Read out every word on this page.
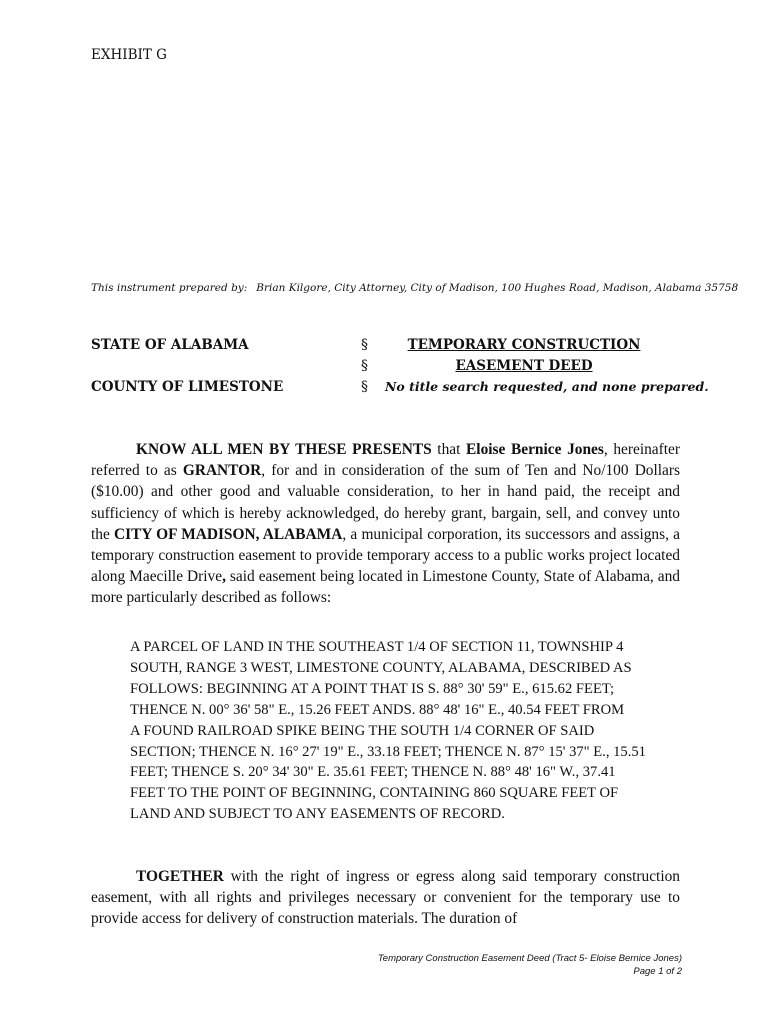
EXHIBIT G
This instrument prepared by: Brian Kilgore, City Attorney, City of Madison, 100 Hughes Road, Madison, Alabama 35758
STATE OF ALABAMA
COUNTY OF LIMESTONE
§
§
§
TEMPORARY CONSTRUCTION
EASEMENT DEED
No title search requested, and none prepared.
KNOW ALL MEN BY THESE PRESENTS that Eloise Bernice Jones, hereinafter referred to as GRANTOR, for and in consideration of the sum of Ten and No/100 Dollars ($10.00) and other good and valuable consideration, to her in hand paid, the receipt and sufficiency of which is hereby acknowledged, do hereby grant, bargain, sell, and convey unto the CITY OF MADISON, ALABAMA, a municipal corporation, its successors and assigns, a temporary construction easement to provide temporary access to a public works project located along Maecille Drive, said easement being located in Limestone County, State of Alabama, and more particularly described as follows:
A PARCEL OF LAND IN THE SOUTHEAST 1/4 OF SECTION 11, TOWNSHIP 4
SOUTH, RANGE 3 WEST, LIMESTONE COUNTY, ALABAMA, DESCRIBED AS
FOLLOWS: BEGINNING AT A POINT THAT IS S. 88° 30' 59" E., 615.62 FEET;
THENCE N. 00° 36' 58" E., 15.26 FEET ANDS. 88° 48' 16" E., 40.54 FEET FROM
A FOUND RAILROAD SPIKE BEING THE SOUTH 1/4 CORNER OF SAID
SECTION; THENCE N. 16° 27' 19" E., 33.18 FEET; THENCE N. 87° 15' 37" E., 15.51
FEET; THENCE S. 20° 34' 30" E. 35.61 FEET; THENCE N. 88° 48' 16" W., 37.41
FEET TO THE POINT OF BEGINNING, CONTAINING 860 SQUARE FEET OF
LAND AND SUBJECT TO ANY EASEMENTS OF RECORD.
TOGETHER with the right of ingress or egress along said temporary construction easement, with all rights and privileges necessary or convenient for the temporary use to provide access for delivery of construction materials. The duration of
Temporary Construction Easement Deed (Tract 5- Eloise Bernice Jones)
Page 1 of 2
